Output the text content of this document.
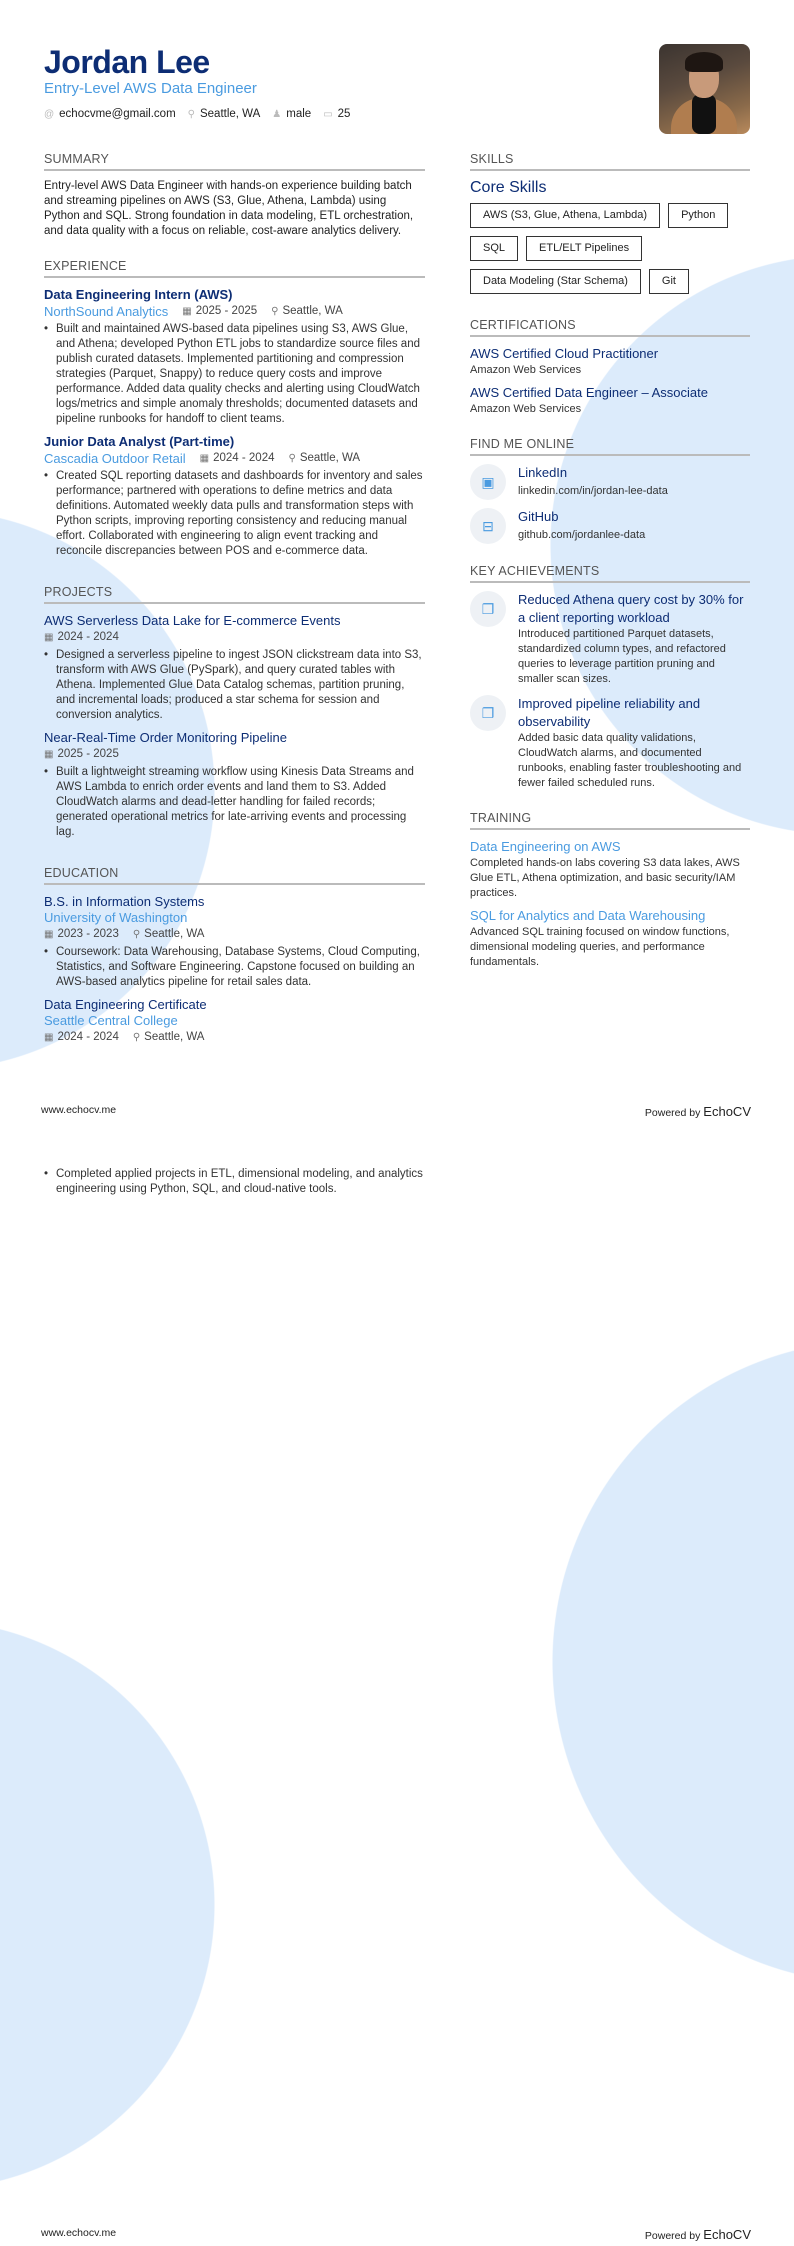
Jordan Lee
Entry-Level AWS Data Engineer
@ echocvme@gmail.com ⚲ Seattle, WA ♟ male ▭ 25
SUMMARY

Entry-level AWS Data Engineer with hands-on experience building batch and streaming pipelines on AWS (S3, Glue, Athena, Lambda) using Python and SQL. Strong foundation in data modeling, ETL orchestration, and data quality with a focus on reliable, cost-aware analytics delivery.

EXPERIENCE
Data Engineering Intern (AWS)
NorthSound Analytics ▦ 2025 - 2025 ⚲ Seattle, WA
• Built and maintained AWS-based data pipelines using S3, AWS Glue, and Athena; developed Python ETL jobs to standardize source files and publish curated datasets. Implemented partitioning and compression strategies (Parquet, Snappy) to reduce query costs and improve performance. Added data quality checks and alerting using CloudWatch logs/metrics and simple anomaly thresholds; documented datasets and pipeline runbooks for handoff to client teams.
Junior Data Analyst (Part-time)
Cascadia Outdoor Retail ▦ 2024 - 2024 ⚲ Seattle, WA
• Created SQL reporting datasets and dashboards for inventory and sales performance; partnered with operations to define metrics and data definitions. Automated weekly data pulls and transformation steps with Python scripts, improving reporting consistency and reducing manual effort. Collaborated with engineering to align event tracking and reconcile discrepancies between POS and e-commerce data.
PROJECTS
AWS Serverless Data Lake for E-commerce Events
▦ 2024 - 2024
• Designed a serverless pipeline to ingest JSON clickstream data into S3, transform with AWS Glue (PySpark), and query curated tables with Athena. Implemented Glue Data Catalog schemas, partition pruning, and incremental loads; produced a star schema for session and conversion analytics.
Near-Real-Time Order Monitoring Pipeline
▦ 2025 - 2025
• Built a lightweight streaming workflow using Kinesis Data Streams and AWS Lambda to enrich order events and land them to S3. Added CloudWatch alarms and dead-letter handling for failed records; generated operational metrics for late-arriving events and processing lag.
EDUCATION
B.S. in Information Systems
University of Washington
▦ 2023 - 2023 ⚲ Seattle, WA
• Coursework: Data Warehousing, Database Systems, Cloud Computing, Statistics, and Software Engineering. Capstone focused on building an AWS-based analytics pipeline for retail sales data.
Data Engineering Certificate
Seattle Central College
▦ 2024 - 2024 ⚲ Seattle, WA
SKILLS
Core Skills
AWS (S3, Glue, Athena, Lambda)	Python
SQL	ETL/ELT Pipelines
Data Modeling (Star Schema)	Git
CERTIFICATIONS
AWS Certified Cloud Practitioner
Amazon Web Services
AWS Certified Data Engineer – Associate
Amazon Web Services
FIND ME ONLINE
▣
LinkedIn
linkedin.com/in/jordan-lee-data
⊟
GitHub
github.com/jordanlee-data
KEY ACHIEVEMENTS
❐
Reduced Athena query cost by 30% for a client reporting workload
Introduced partitioned Parquet datasets, standardized column types, and refactored queries to leverage partition pruning and smaller scan sizes.
❐
Improved pipeline reliability and observability
Added basic data quality validations, CloudWatch alarms, and documented runbooks, enabling faster troubleshooting and fewer failed scheduled runs.
TRAINING
Data Engineering on AWS
Completed hands-on labs covering S3 data lakes, AWS Glue ETL, Athena optimization, and basic security/IAM practices.
SQL for Analytics and Data Warehousing
Advanced SQL training focused on window functions, dimensional modeling queries, and performance fundamentals.
www.echocv.me	Powered by EchoCV
• Completed applied projects in ETL, dimensional modeling, and analytics engineering using Python, SQL, and cloud-native tools.
www.echocv.me	Powered by EchoCV
